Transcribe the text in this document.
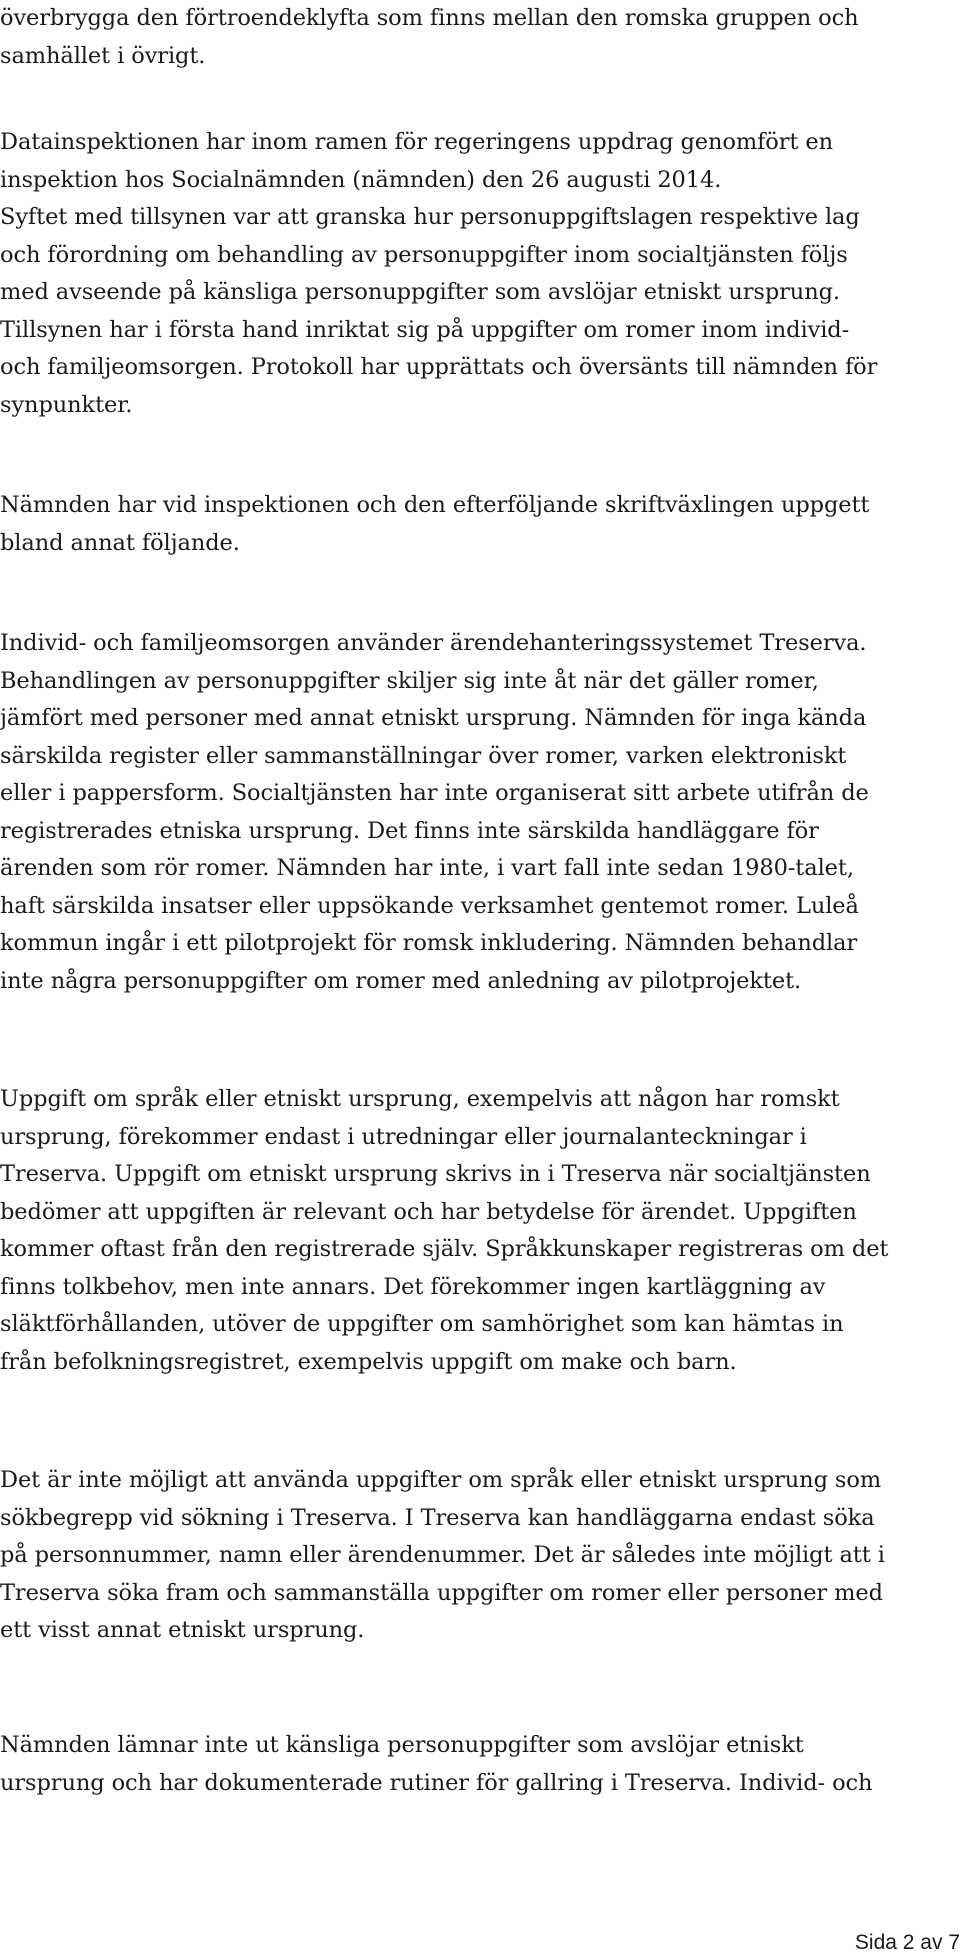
överbrygga den förtroendeklyfta som finns mellan den romska gruppen och
samhället i övrigt.

Datainspektionen har inom ramen för regeringens uppdrag genomfört en
inspektion hos Socialnämnden (nämnden) den 26 augusti 2014.
Syftet med tillsynen var att granska hur personuppgiftslagen respektive lag
och förordning om behandling av personuppgifter inom socialtjänsten följs
med avseende på känsliga personuppgifter som avslöjar etniskt ursprung.
Tillsynen har i första hand inriktat sig på uppgifter om romer inom individ-
och familjeomsorgen. Protokoll har upprättats och översänts till nämnden för
synpunkter.

Nämnden har vid inspektionen och den efterföljande skriftväxlingen uppgett
bland annat följande.

Individ- och familjeomsorgen använder ärendehanteringssystemet Treserva.
Behandlingen av personuppgifter skiljer sig inte åt när det gäller romer,
jämfört med personer med annat etniskt ursprung. Nämnden för inga kända
särskilda register eller sammanställningar över romer, varken elektroniskt
eller i pappersform. Socialtjänsten har inte organiserat sitt arbete utifrån de
registrerades etniska ursprung. Det finns inte särskilda handläggare för
ärenden som rör romer. Nämnden har inte, i vart fall inte sedan 1980-talet,
haft särskilda insatser eller uppsökande verksamhet gentemot romer. Luleå
kommun ingår i ett pilotprojekt för romsk inkludering. Nämnden behandlar
inte några personuppgifter om romer med anledning av pilotprojektet.

Uppgift om språk eller etniskt ursprung, exempelvis att någon har romskt
ursprung, förekommer endast i utredningar eller journalanteckningar i
Treserva. Uppgift om etniskt ursprung skrivs in i Treserva när socialtjänsten
bedömer att uppgiften är relevant och har betydelse för ärendet. Uppgiften
kommer oftast från den registrerade själv. Språkkunskaper registreras om det
finns tolkbehov, men inte annars. Det förekommer ingen kartläggning av
släktförhållanden, utöver de uppgifter om samhörighet som kan hämtas in
från befolkningsregistret, exempelvis uppgift om make och barn.

Det är inte möjligt att använda uppgifter om språk eller etniskt ursprung som
sökbegrepp vid sökning i Treserva. I Treserva kan handläggarna endast söka
på personnummer, namn eller ärendenummer. Det är således inte möjligt att i
Treserva söka fram och sammanställa uppgifter om romer eller personer med
ett visst annat etniskt ursprung.

Nämnden lämnar inte ut känsliga personuppgifter som avslöjar etniskt
ursprung och har dokumenterade rutiner för gallring i Treserva. Individ- och

Sida 2 av 7
